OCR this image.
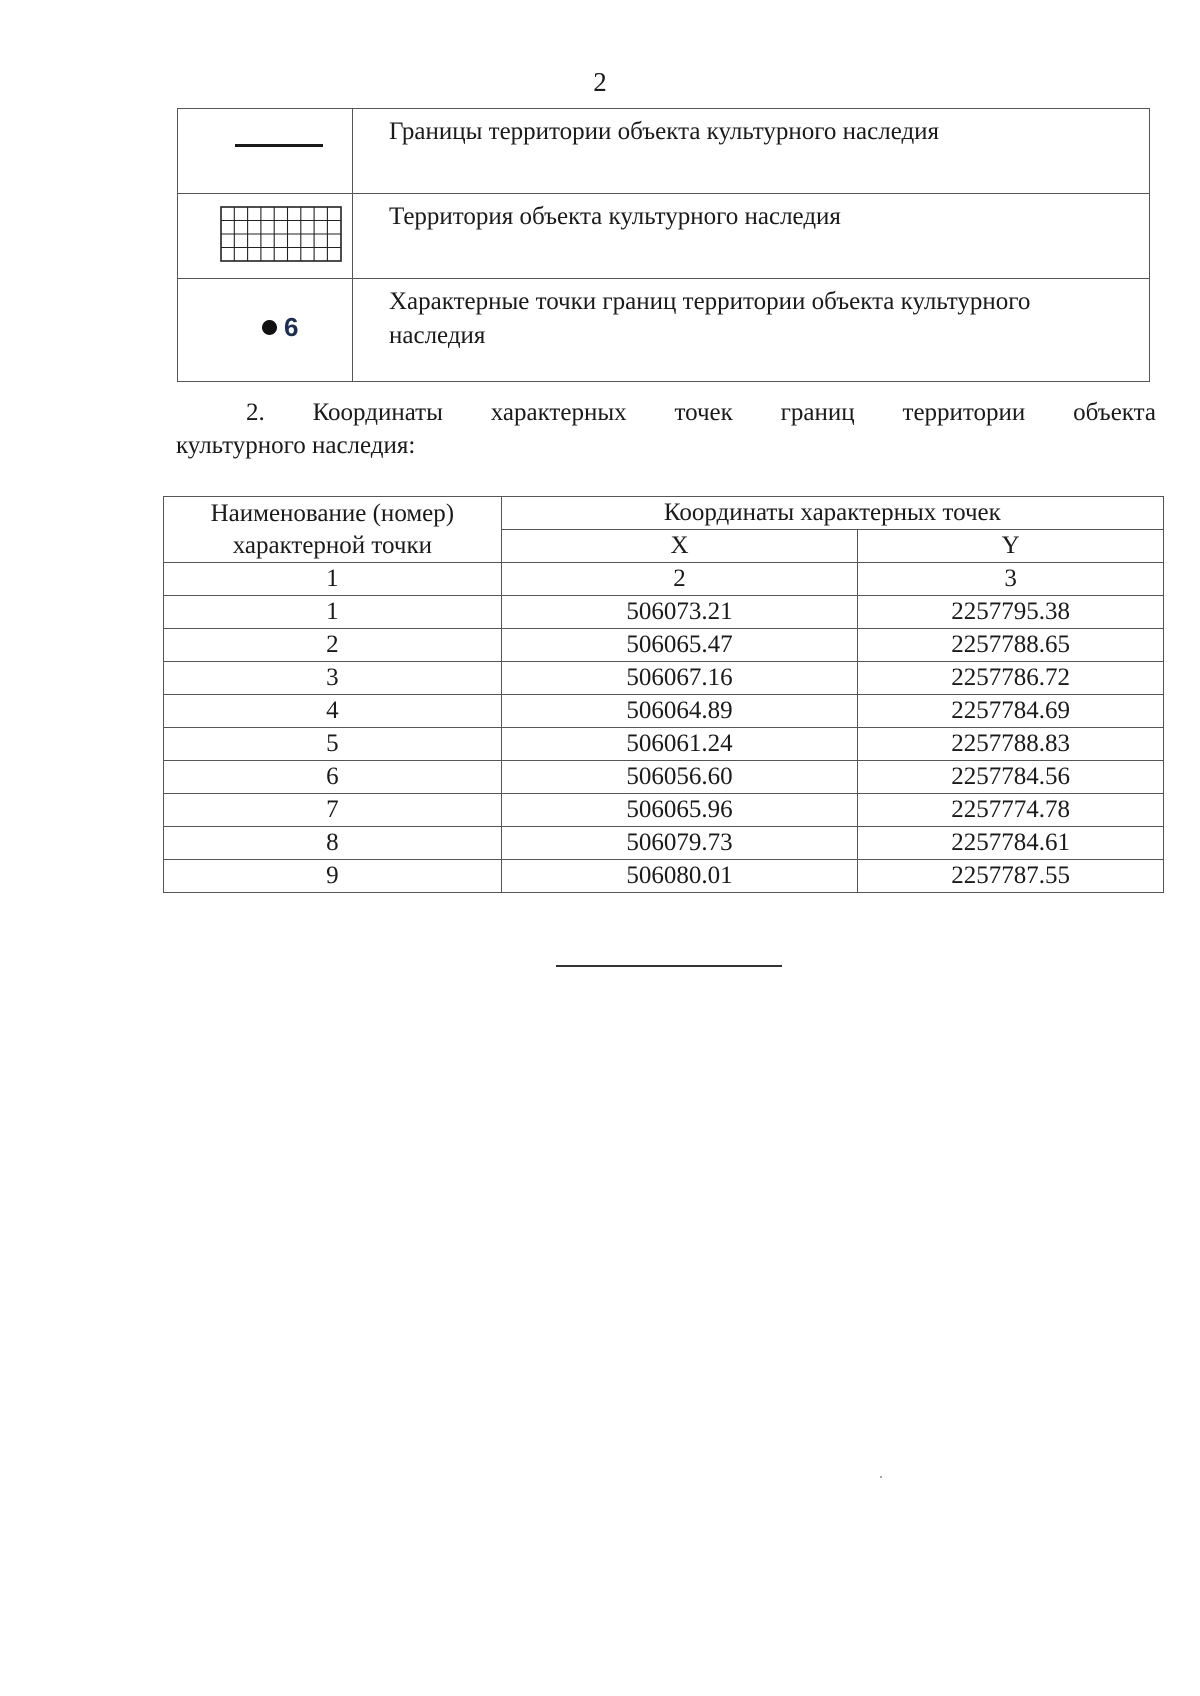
2
	Границы территории объекта культурного наследия

	Территория объекта культурного наследия

6	Характерные точки границ территории объекта культурного
наследия
2. Координаты характерных точек границ территории объекта
культурного наследия:
Наименование (номер)
характерной точки	Координаты характерных точек	
	X	Y
1	2	3
1	506073.21	2257795.38
2	506065.47	2257788.65
3	506067.16	2257786.72
4	506064.89	2257784.69
5	506061.24	2257788.83
6	506056.60	2257784.56
7	506065.96	2257774.78
8	506079.73	2257784.61
9	506080.01	2257787.55
